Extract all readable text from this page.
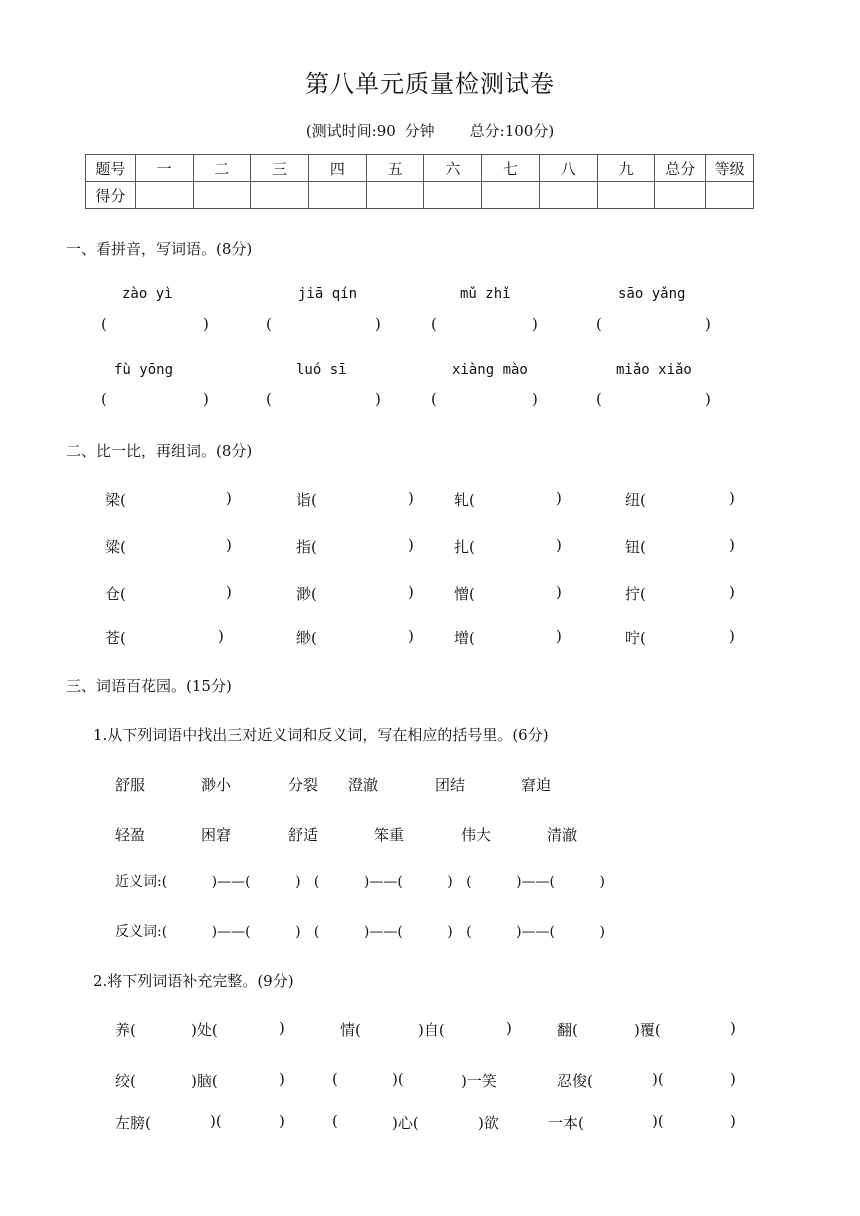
第八单元质量检测试卷
(测试时间:90 分钟    总分:100分)
题号	一	二	三	四	五	六	七	八	九	总分	等级
得分											
一、看拼音，写词语。(8分)
zào yì	jiā qín	mǔ zhǐ	sāo yǎng
(	)	(	)	(	)	(	)
fù yōng	luó sī	xiàng mào	miǎo xiǎo
(	)	(	)	(	)	(	)
二、比一比，再组词。(8分)
梁(	)	诣(	)	轧(	)	纽(	)
粱(	)	指(	)	扎(	)	钮(	)
仓(	)	渺(	)	憎(	)	拧(	)
苍(	)	缈(	)	增(	)	咛(	)
三、词语百花园。(15分)
1.从下列词语中找出三对近义词和反义词，写在相应的括号里。(6分)
舒服	渺小	分裂 澄澈	团结	窘迫
轻盈	困窘	舒适	笨重	伟大	清澈
近义词:(          )——(          )   (          )——(          )   (          )——(          )
反义词:(          )——(          )   (          )——(          )   (          )——(          )
2.将下列词语补充完整。(9分)
养(	)处(	)	情(	)自(	)	翻(	)覆(	)
绞(	)脑(	)	(	)(	)一笑	忍俊(	)(	)
左膀(	)(	)	(	)心(	)欲	一本(	)(	)
